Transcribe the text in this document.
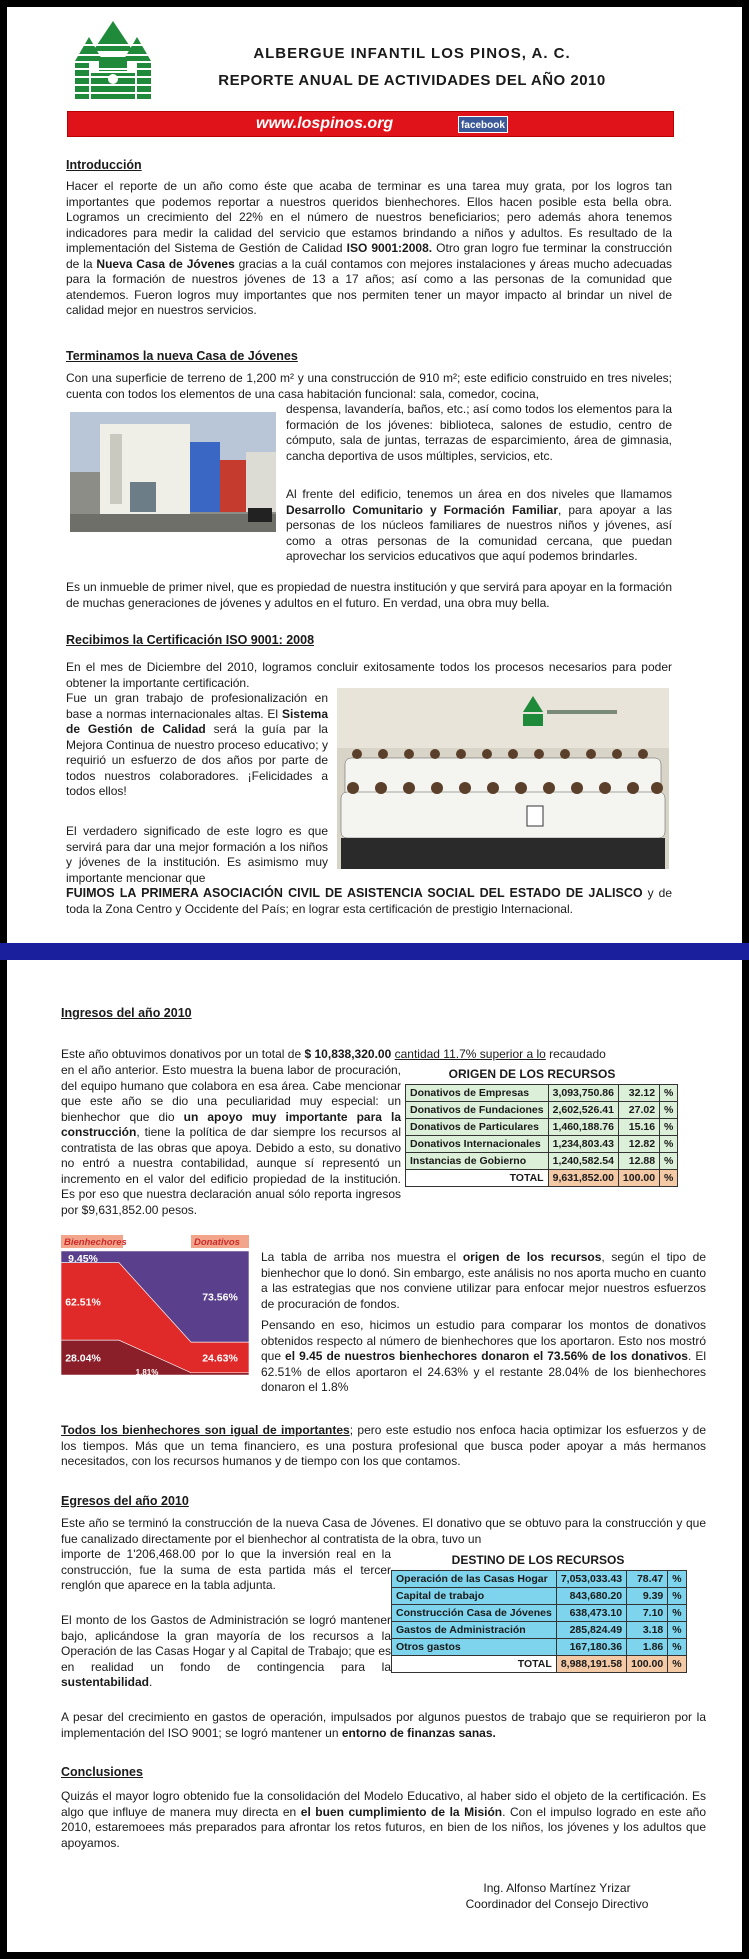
ALBERGUE INFANTIL LOS PINOS, A. C.
REPORTE ANUAL DE ACTIVIDADES DEL AÑO 2010
www.lospinos.org	facebook
Introducción
Hacer el reporte de un año como éste que acaba de terminar es una tarea muy grata, por los logros tan importantes que podemos reportar a nuestros queridos bienhechores. Ellos hacen posible esta bella obra. Logramos un crecimiento del 22% en el número de nuestros beneficiarios; pero además ahora tenemos indicadores para medir la calidad del servicio que estamos brindando a niños y adultos. Es resultado de la implementación del Sistema de Gestión de Calidad ISO 9001:2008. Otro gran logro fue terminar la construcción de la Nueva Casa de Jóvenes gracias a la cuál contamos con mejores instalaciones y áreas mucho adecuadas para la formación de nuestros jóvenes de 13 a 17 años; así como a las personas de la comunidad que atendemos. Fueron logros muy importantes que nos permiten tener un mayor impacto al brindar un nivel de calidad mejor en nuestros servicios.
Terminamos la nueva Casa de Jóvenes
Con una superficie de terreno de 1,200 m² y una construcción de 910 m²; este edificio construido en tres niveles; cuenta con todos los elementos de una casa habitación funcional: sala, comedor, cocina,
despensa, lavandería, baños, etc.; así como todos los elementos para la formación de los jóvenes: biblioteca, salones de estudio, centro de cómputo, sala de juntas, terrazas de esparcimiento, área de gimnasia, cancha deportiva de usos múltiples, servicios, etc.
Al frente del edificio, tenemos un área en dos niveles que llamamos Desarrollo Comunitario y Formación Familiar, para apoyar a las personas de los núcleos familiares de nuestros niños y jóvenes, así como a otras personas de la comunidad cercana, que puedan aprovechar los servicios educativos que aquí podemos brindarles.
Es un inmueble de primer nivel, que es propiedad de nuestra institución y que servirá para apoyar en la formación de muchas generaciones de jóvenes y adultos en el futuro. En verdad, una obra muy bella.
Recibimos la Certificación ISO 9001: 2008
En el mes de Diciembre del 2010, logramos concluir exitosamente todos los procesos necesarios para poder obtener la importante certificación.
Fue un gran trabajo de profesionalización en base a normas internacionales altas. El Sistema de Gestión de Calidad será la guía par la Mejora Continua de nuestro proceso educativo; y requirió un esfuerzo de dos años por parte de todos nuestros colaboradores. ¡Felicidades a todos ellos!
El verdadero significado de este logro es que servirá para dar una mejor formación a los niños y jóvenes de la institución. Es asimismo muy importante mencionar que
FUIMOS LA PRIMERA ASOCIACIÓN CIVIL DE ASISTENCIA SOCIAL DEL ESTADO DE JALISCO y de toda la Zona Centro y Occidente del País; en lograr esta certificación de prestigio Internacional.
Ingresos del año 2010
Este año obtuvimos donativos por un total de $ 10,838,320.00 cantidad 11.7% superior a lo recaudado
en el año anterior. Esto muestra la buena labor de procuración, del equipo humano que colabora en esa área. Cabe mencionar que este año se dio una peculiaridad muy especial: un bienhechor que dio un apoyo muy importante para la construcción, tiene la política de dar siempre los recursos al contratista de las obras que apoya. Debido a esto, su donativo no entró a nuestra contabilidad, aunque sí representó un incremento en el valor del edificio propiedad de la institución. Es por eso que nuestra declaración anual sólo reporta ingresos por $9,631,852.00 pesos.
ORIGEN DE LOS RECURSOS
Donativos de Empresas	3,093,750.86	32.12	%
Donativos de Fundaciones	2,602,526.41	27.02	%
Donativos de Particulares	1,460,188.76	15.16	%
Donativos Internacionales	1,234,803.43	12.82	%
Instancias de Gobierno	1,240,582.54	12.88	%
TOTAL	9,631,852.00	100.00	%
Bienhechores	Donativos
9.45%
62.51%
28.04%
73.56%
24.63%
1.81%
La tabla de arriba nos muestra el origen de los recursos, según el tipo de bienhechor que lo donó. Sin embargo, este análisis no nos aporta mucho en cuanto a las estrategias que nos conviene utilizar para enfocar mejor nuestros esfuerzos de procuración de fondos.
Pensando en eso, hicimos un estudio para comparar los montos de donativos obtenidos respecto al número de bienhechores que los aportaron. Esto nos mostró que el 9.45 de nuestros bienhechores donaron el 73.56% de los donativos. El 62.51% de ellos aportaron el 24.63% y el restante 28.04% de los bienhechores donaron el 1.8%
Todos los bienhechores son igual de importantes; pero este estudio nos enfoca hacia optimizar los esfuerzos y de los tiempos. Más que un tema financiero, es una postura profesional que busca poder apoyar a más hermanos necesitados, con los recursos humanos y de tiempo con los que contamos.
Egresos del año 2010
Este año se terminó la construcción de la nueva Casa de Jóvenes. El donativo que se obtuvo para la construcción y que fue canalizado directamente por el bienhechor al contratista de la obra, tuvo un
importe de 1'206,468.00 por lo que la inversión real en la construcción, fue la suma de esta partida más el tercer renglón que aparece en la tabla adjunta.
El monto de los Gastos de Administración se logró mantener bajo, aplicándose la gran mayoría de los recursos a la Operación de las Casas Hogar y al Capital de Trabajo; que es en realidad un fondo de contingencia para la sustentabilidad.
DESTINO DE LOS RECURSOS
Operación de las Casas Hogar	7,053,033.43	78.47	%
Capital de trabajo	843,680.20	9.39	%
Construcción Casa de Jóvenes	638,473.10	7.10	%
Gastos de Administración	285,824.49	3.18	%
Otros gastos	167,180.36	1.86	%
TOTAL	8,988,191.58	100.00	%
A pesar del crecimiento en gastos de operación, impulsados por algunos puestos de trabajo que se requirieron por la implementación del ISO 9001; se logró mantener un entorno de finanzas sanas.
Conclusiones
Quizás el mayor logro obtenido fue la consolidación del Modelo Educativo, al haber sido el objeto de la certificación. Es algo que influye de manera muy directa en el buen cumplimiento de la Misión. Con el impulso logrado en este año 2010, estaremoees más preparados para afrontar los retos futuros, en bien de los niños, los jóvenes y los adultos que apoyamos.
Ing. Alfonso Martínez Yrizar
Coordinador del Consejo Directivo
